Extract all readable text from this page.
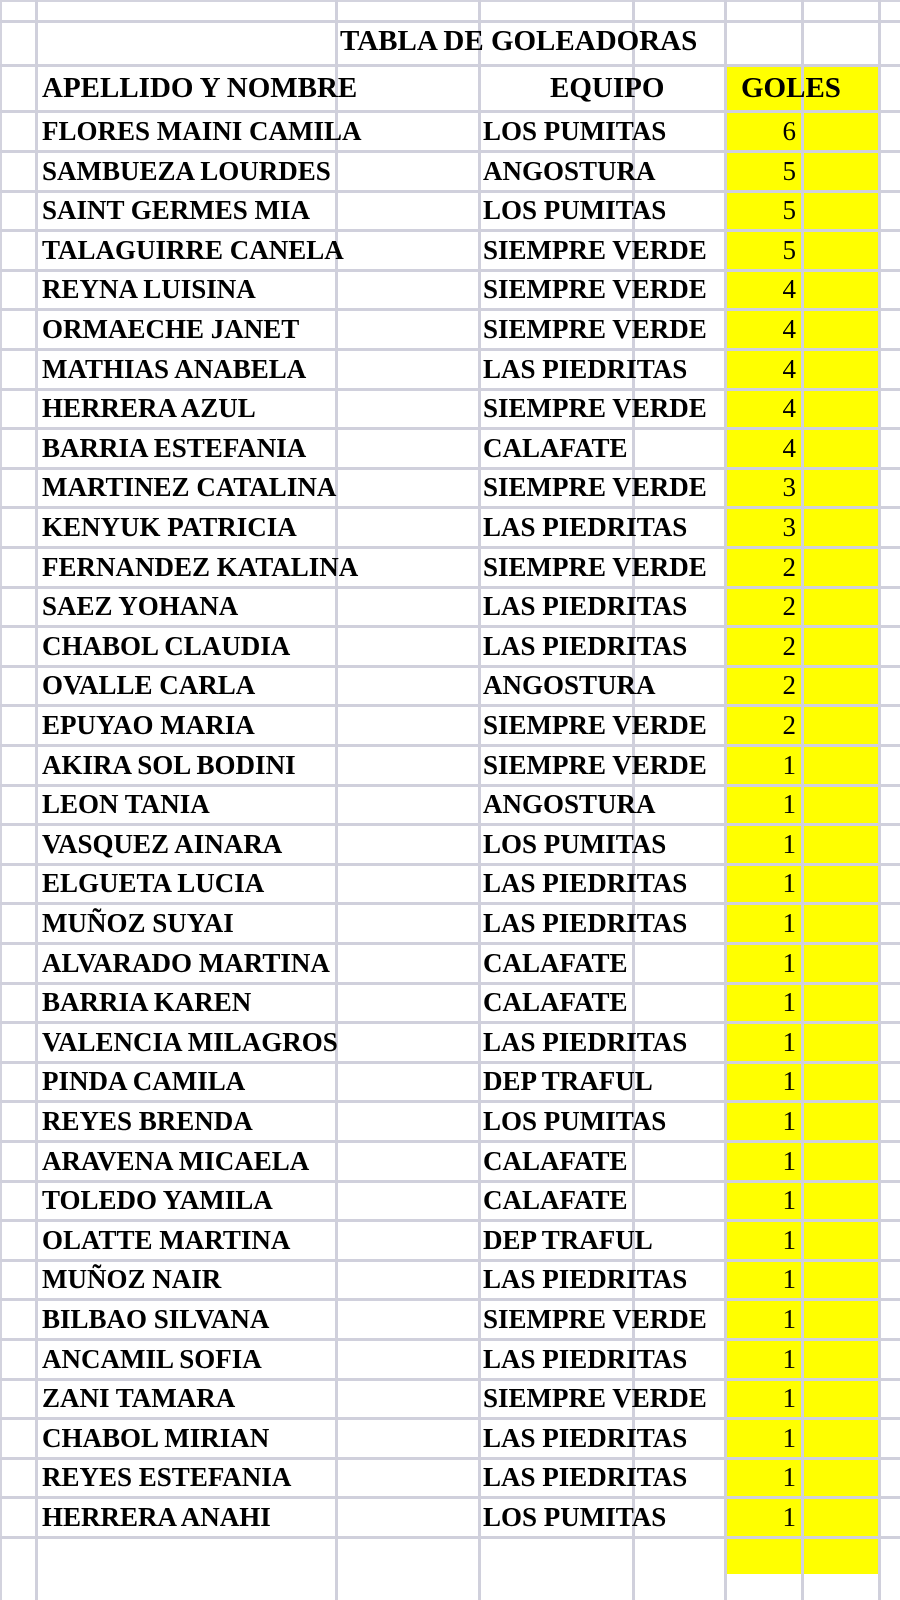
TABLA DE GOLEADORAS
APELLIDO Y NOMBRE	EQUIPO	GOLES
FLORES MAINI CAMILA	LOS PUMITAS	6
SAMBUEZA LOURDES	ANGOSTURA	5
SAINT GERMES MIA	LOS PUMITAS	5
TALAGUIRRE CANELA	SIEMPRE VERDE	5
REYNA LUISINA	SIEMPRE VERDE	4
ORMAECHE JANET	SIEMPRE VERDE	4
MATHIAS ANABELA	LAS PIEDRITAS	4
HERRERA AZUL	SIEMPRE VERDE	4
BARRIA ESTEFANIA	CALAFATE	4
MARTINEZ CATALINA	SIEMPRE VERDE	3
KENYUK PATRICIA	LAS PIEDRITAS	3
FERNANDEZ KATALINA	SIEMPRE VERDE	2
SAEZ YOHANA	LAS PIEDRITAS	2
CHABOL CLAUDIA	LAS PIEDRITAS	2
OVALLE CARLA	ANGOSTURA	2
EPUYAO MARIA	SIEMPRE VERDE	2
AKIRA SOL BODINI	SIEMPRE VERDE	1
LEON TANIA	ANGOSTURA	1
VASQUEZ AINARA	LOS PUMITAS	1
ELGUETA LUCIA	LAS PIEDRITAS	1
MUÑOZ SUYAI	LAS PIEDRITAS	1
ALVARADO MARTINA	CALAFATE	1
BARRIA KAREN	CALAFATE	1
VALENCIA MILAGROS	LAS PIEDRITAS	1
PINDA CAMILA	DEP TRAFUL	1
REYES BRENDA	LOS PUMITAS	1
ARAVENA MICAELA	CALAFATE	1
TOLEDO YAMILA	CALAFATE	1
OLATTE MARTINA	DEP TRAFUL	1
MUÑOZ NAIR	LAS PIEDRITAS	1
BILBAO SILVANA	SIEMPRE VERDE	1
ANCAMIL SOFIA	LAS PIEDRITAS	1
ZANI TAMARA	SIEMPRE VERDE	1
CHABOL MIRIAN	LAS PIEDRITAS	1
REYES ESTEFANIA	LAS PIEDRITAS	1
HERRERA ANAHI	LOS PUMITAS	1
